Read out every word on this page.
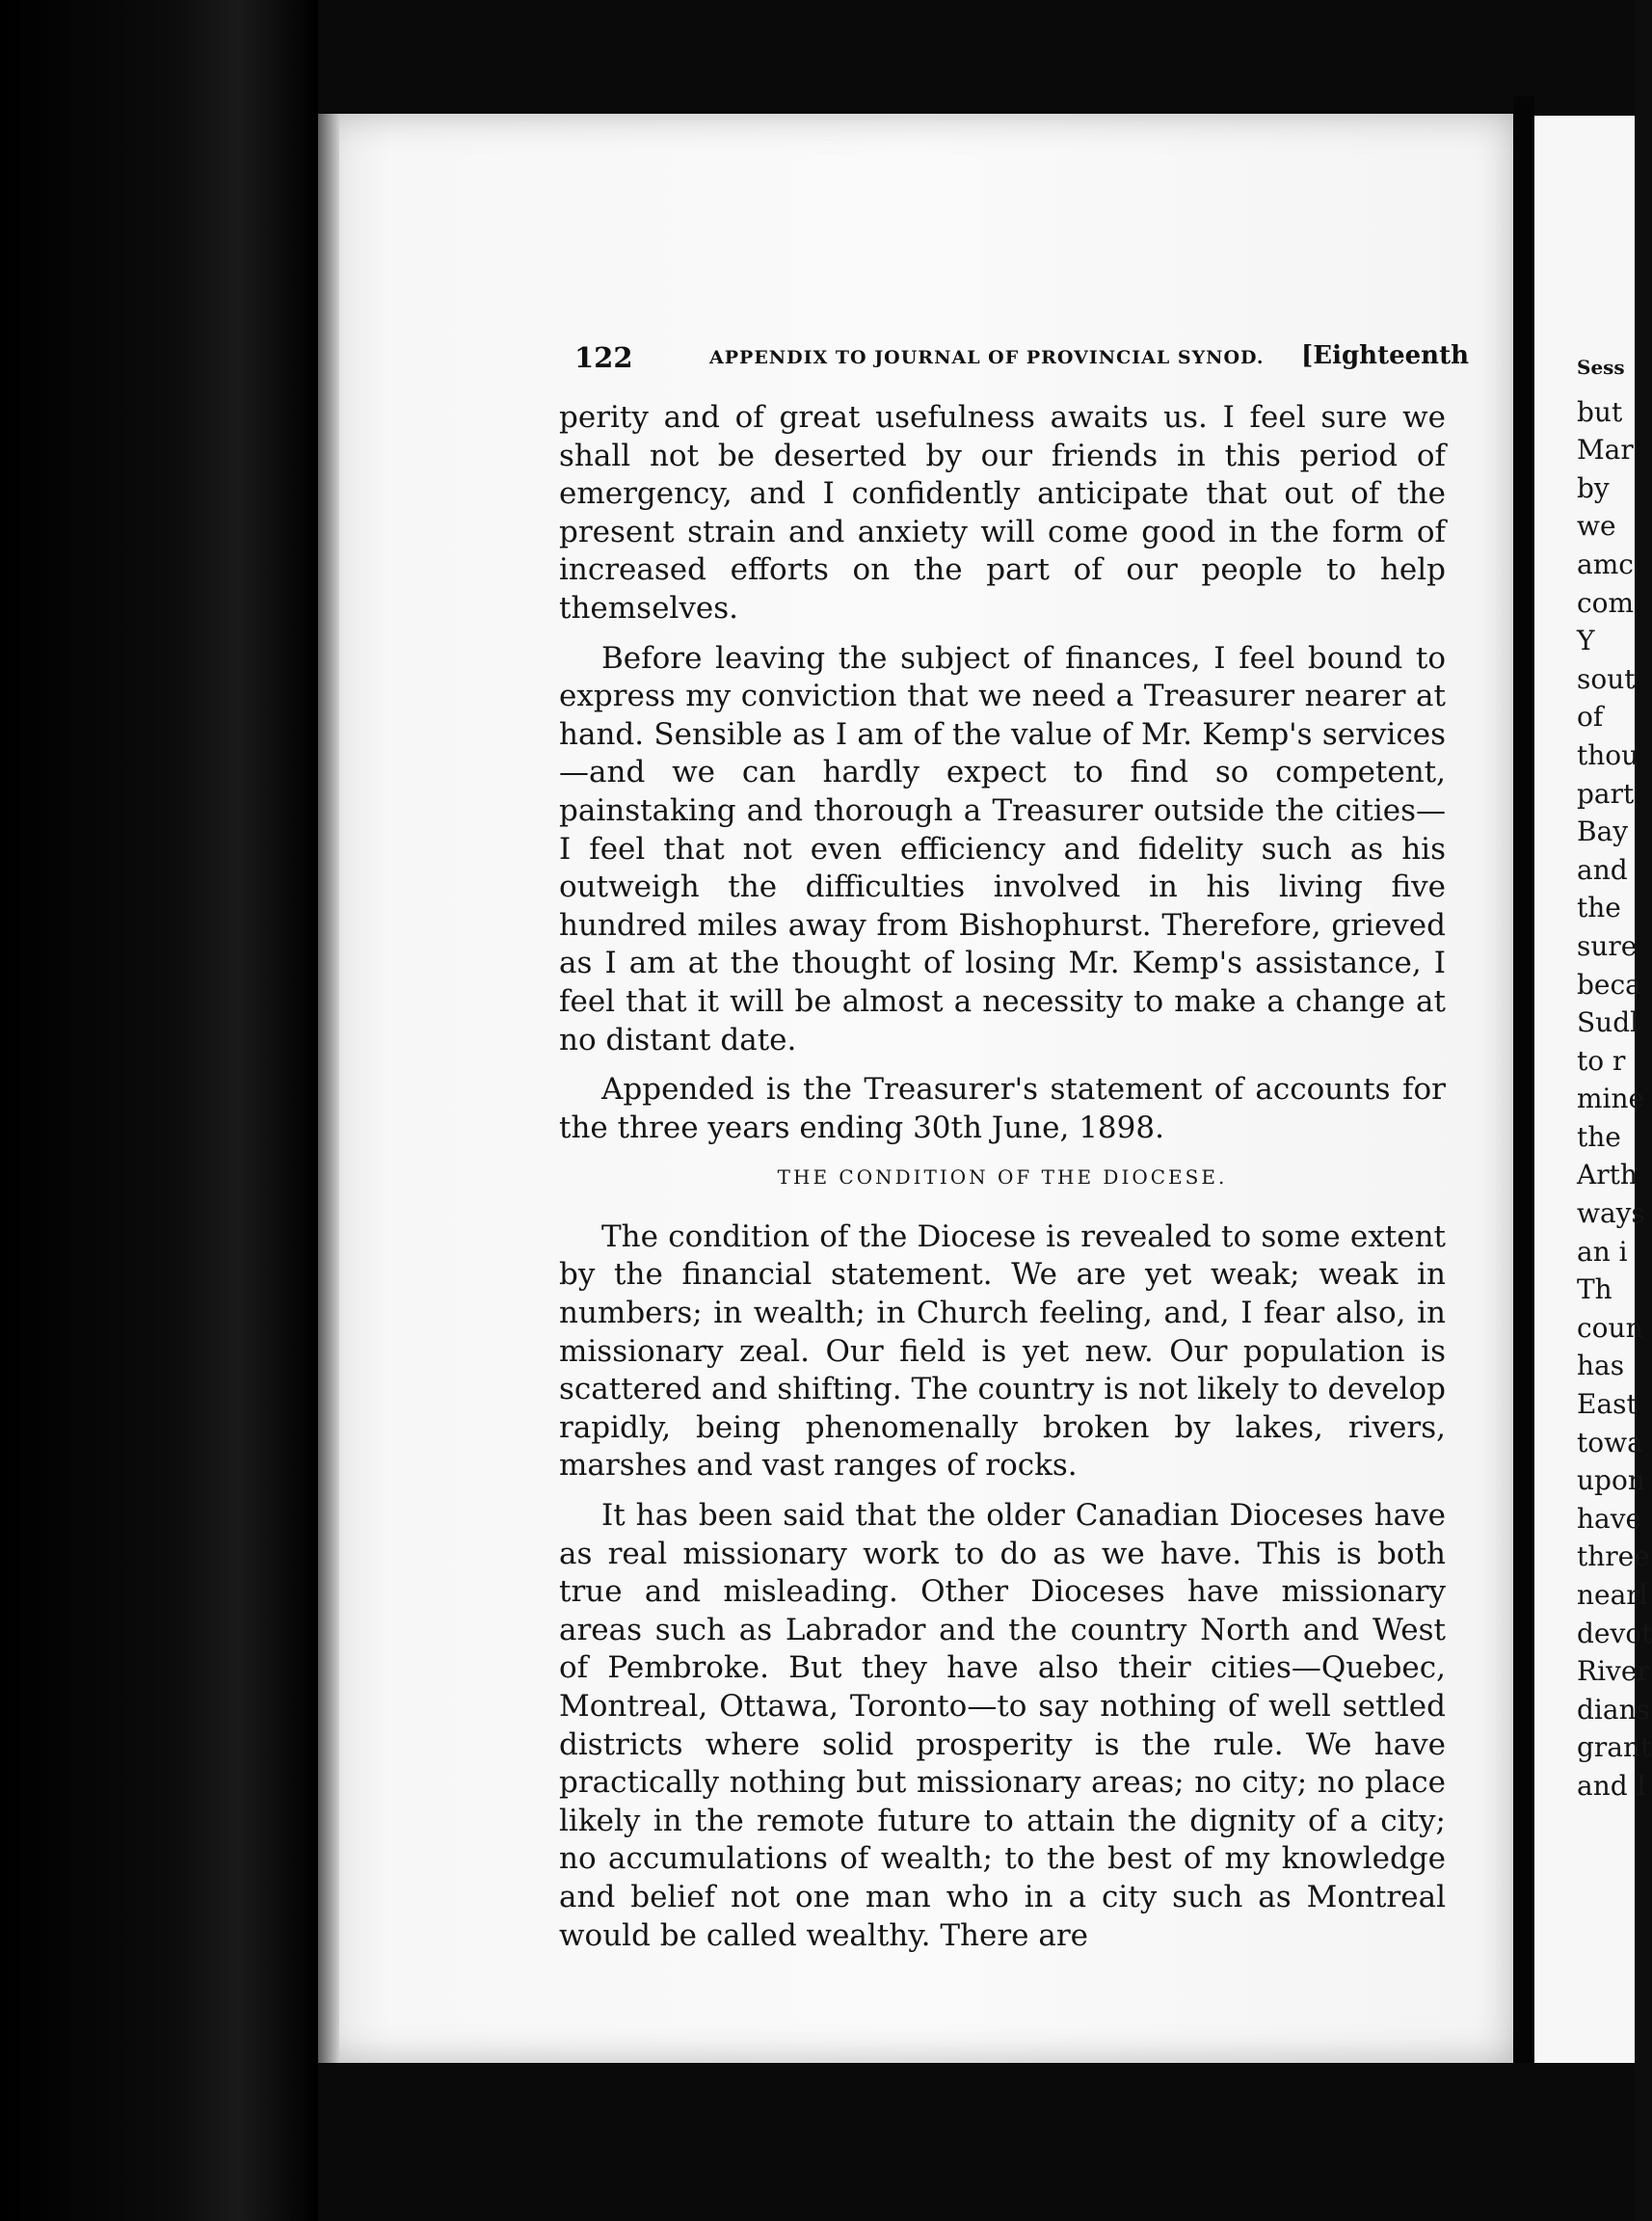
122	APPENDIX TO JOURNAL OF PROVINCIAL SYNOD. [Eighteenth

perity and of great usefulness awaits us. I feel sure we shall not be deserted by our friends in this period of emergency, and I confidently anticipate that out of the present strain and anxiety will come good in the form of increased efforts on the part of our people to help themselves.

Before leaving the subject of finances, I feel bound to express my conviction that we need a Treasurer nearer at hand. Sensible as I am of the value of Mr. Kemp's services—and we can hardly expect to find so competent, painstaking and thorough a Treasurer outside the cities—I feel that not even efficiency and fidelity such as his outweigh the difficulties involved in his living five hundred miles away from Bishophurst. Therefore, grieved as I am at the thought of losing Mr. Kemp's assistance, I feel that it will be almost a necessity to make a change at no distant date.

Appended is the Treasurer's statement of accounts for the three years ending 30th June, 1898.

THE CONDITION OF THE DIOCESE.

The condition of the Diocese is revealed to some extent by the financial statement. We are yet weak; weak in numbers; in wealth; in Church feeling, and, I fear also, in missionary zeal. Our field is yet new. Our population is scattered and shifting. The country is not likely to develop rapidly, being phenomenally broken by lakes, rivers, marshes and vast ranges of rocks.

It has been said that the older Canadian Dioceses have as real missionary work to do as we have. This is both true and misleading. Other Dioceses have missionary areas such as Labrador and the country North and West of Pembroke. But they have also their cities—Quebec, Montreal, Ottawa, Toronto—to say nothing of well settled districts where solid prosperity is the rule. We have practically nothing but missionary areas; no city; no place likely in the remote future to attain the dignity of a city; no accumulations of wealth; to the best of my knowledge and belief not one man who in a city such as Montreal would be called wealthy. There are

Sess
but
Mar
by
we
amc
com
Y
sout
of
thou
part
Bay
and
the
sure
beca
Sudl
to r
mine
the
Arth
ways
an i
Th
coun
has
East
towa
upon
have
three
nearl
devot
River
dians
grant
and I
